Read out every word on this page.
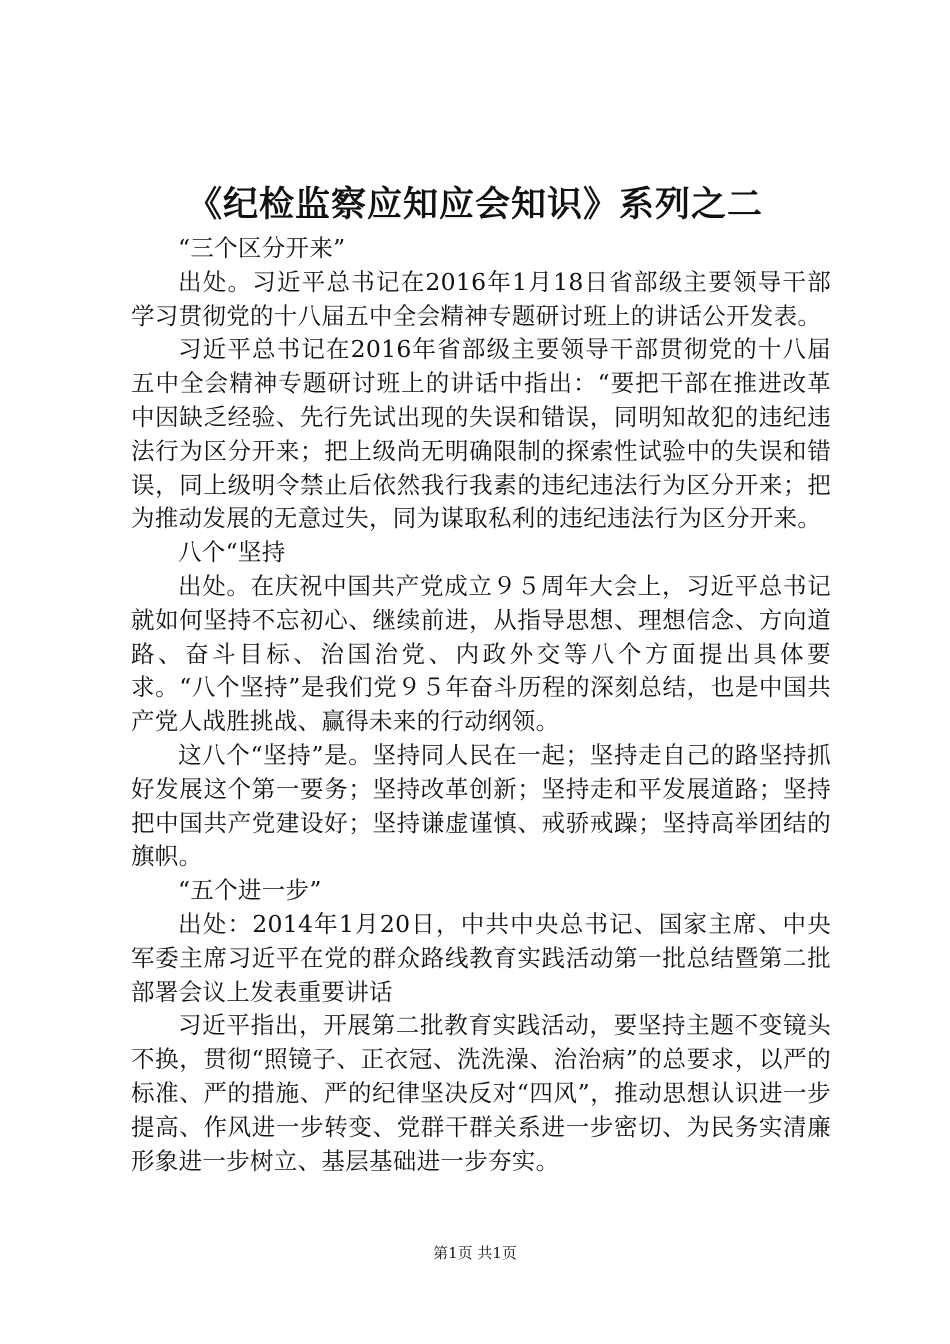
《纪检监察应知应会知识》系列之二

“三个区分开来”

出处。习近平总书记在2016年1月18日省部级主要领导干部学习贯彻党的十八届五中全会精神专题研讨班上的讲话公开发表。

习近平总书记在2016年省部级主要领导干部贯彻党的十八届五中全会精神专题研讨班上的讲话中指出：“要把干部在推进改革中因缺乏经验、先行先试出现的失误和错误，同明知故犯的违纪违法行为区分开来；把上级尚无明确限制的探索性试验中的失误和错误，同上级明令禁止后依然我行我素的违纪违法行为区分开来；把为推动发展的无意过失，同为谋取私利的违纪违法行为区分开来。

八个“坚持

出处。在庆祝中国共产党成立９５周年大会上，习近平总书记就如何坚持不忘初心、继续前进，从指导思想、理想信念、方向道路、奋斗目标、治国治党、内政外交等八个方面提出具体要求。“八个坚持”是我们党９５年奋斗历程的深刻总结，也是中国共产党人战胜挑战、赢得未来的行动纲领。

这八个“坚持”是。坚持同人民在一起；坚持走自己的路坚持抓好发展这个第一要务；坚持改革创新；坚持走和平发展道路；坚持把中国共产党建设好；坚持谦虚谨慎、戒骄戒躁；坚持高举团结的旗帜。

“五个进一步”

出处：2014年1月20日，中共中央总书记、国家主席、中央军委主席习近平在党的群众路线教育实践活动第一批总结暨第二批部署会议上发表重要讲话

习近平指出，开展第二批教育实践活动，要坚持主题不变镜头不换，贯彻“照镜子、正衣冠、洗洗澡、治治病”的总要求，以严的标准、严的措施、严的纪律坚决反对“四风”，推动思想认识进一步提高、作风进一步转变、党群干群关系进一步密切、为民务实清廉形象进一步树立、基层基础进一步夯实。

第1页 共1页
